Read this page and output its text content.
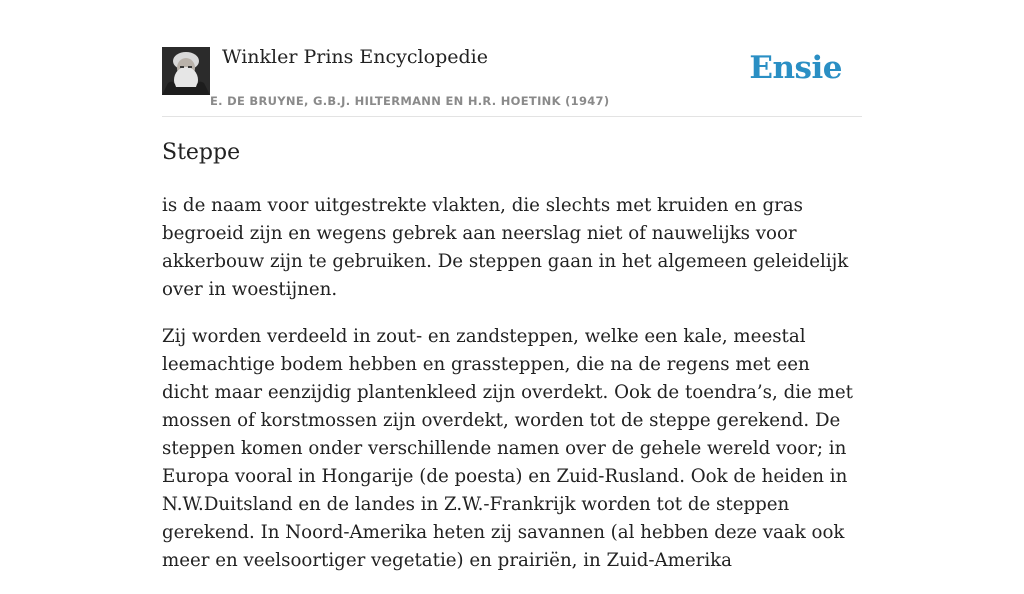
Winkler Prins Encyclopedie
E. DE BRUYNE, G.B.J. HILTERMANN EN H.R. HOETINK (1947)
Ensie
Steppe

is de naam voor uitgestrekte vlakten, die slechts met kruiden en gras begroeid zijn en wegens gebrek aan neerslag niet of nauwelijks voor akkerbouw zijn te gebruiken. De steppen gaan in het algemeen geleidelijk over in woestijnen.

Zij worden verdeeld in zout- en zandsteppen, welke een kale, meestal leemachtige bodem hebben en grassteppen, die na de regens met een dicht maar eenzijdig plantenkleed zijn overdekt. Ook de toendra’s, die met mossen of korstmossen zijn overdekt, worden tot de steppe gerekend. De steppen komen onder verschillende namen over de gehele wereld voor; in Europa vooral in Hongarije (de poesta) en Zuid-Rusland. Ook de heiden in N.W.Duitsland en de landes in Z.W.-Frankrijk worden tot de steppen gerekend. In Noord-Amerika heten zij savannen (al hebben deze vaak ook meer en veelsoortiger vegetatie) en prairiën, in Zuid-Amerika
